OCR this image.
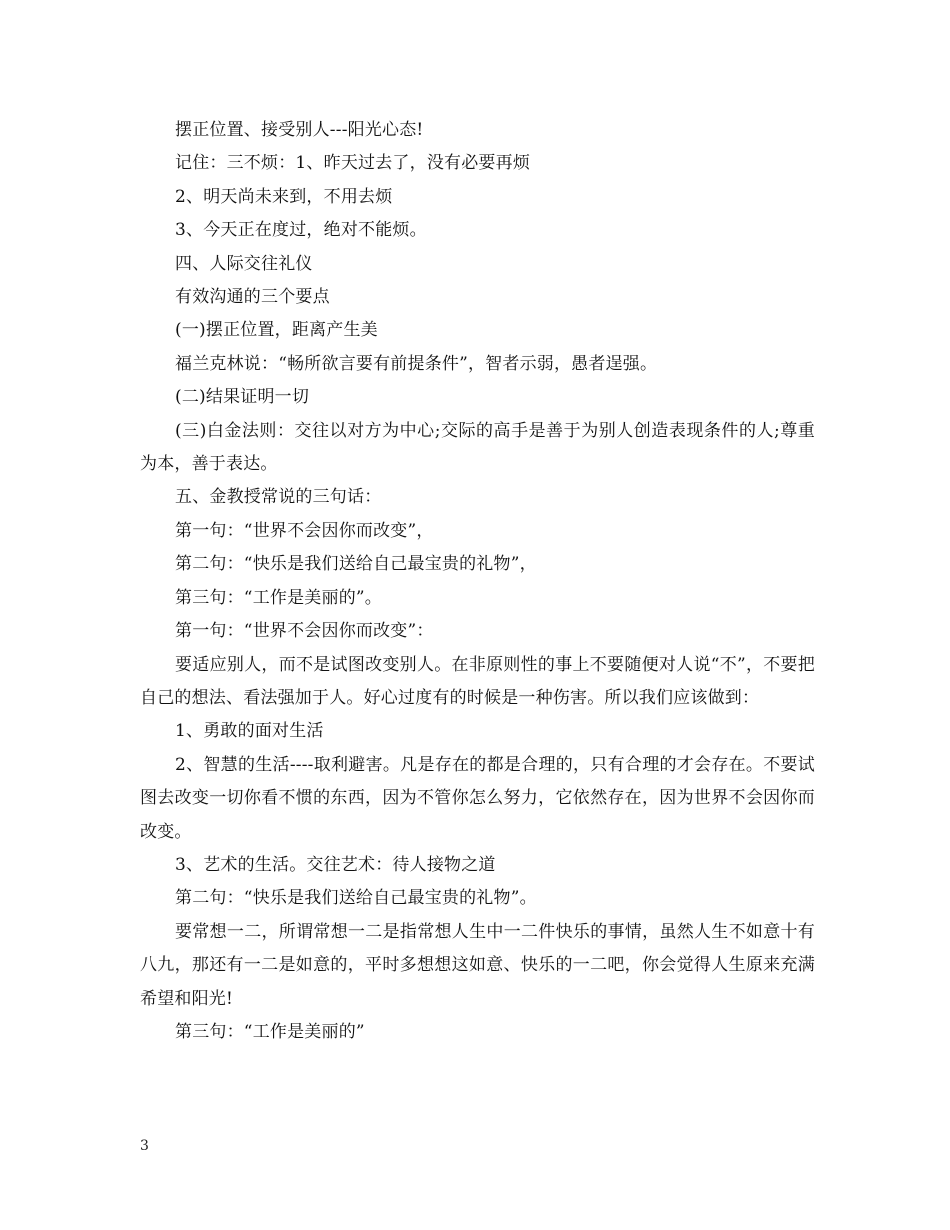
摆正位置、接受别人---阳光心态!

记住：三不烦：1、昨天过去了，没有必要再烦

2、明天尚未来到，不用去烦

3、今天正在度过，绝对不能烦。

四、人际交往礼仪

有效沟通的三个要点

(一)摆正位置，距离产生美

福兰克林说：“畅所欲言要有前提条件”，智者示弱，愚者逞强。

(二)结果证明一切

(三)白金法则：交往以对方为中心;交际的高手是善于为别人创造表现条件的人;尊重为本，善于表达。

五、金教授常说的三句话：

第一句：“世界不会因你而改变”，

第二句：“快乐是我们送给自己最宝贵的礼物”，

第三句：“工作是美丽的”。

第一句：“世界不会因你而改变”：

要适应别人，而不是试图改变别人。在非原则性的事上不要随便对人说“不”，不要把自己的想法、看法强加于人。好心过度有的时候是一种伤害。所以我们应该做到：

1、勇敢的面对生活

2、智慧的生活----取利避害。凡是存在的都是合理的，只有合理的才会存在。不要试图去改变一切你看不惯的东西，因为不管你怎么努力，它依然存在，因为世界不会因你而改变。

3、艺术的生活。交往艺术：待人接物之道

第二句：“快乐是我们送给自己最宝贵的礼物”。

要常想一二，所谓常想一二是指常想人生中一二件快乐的事情，虽然人生不如意十有八九，那还有一二是如意的，平时多想想这如意、快乐的一二吧，你会觉得人生原来充满希望和阳光!

第三句：“工作是美丽的”

3
